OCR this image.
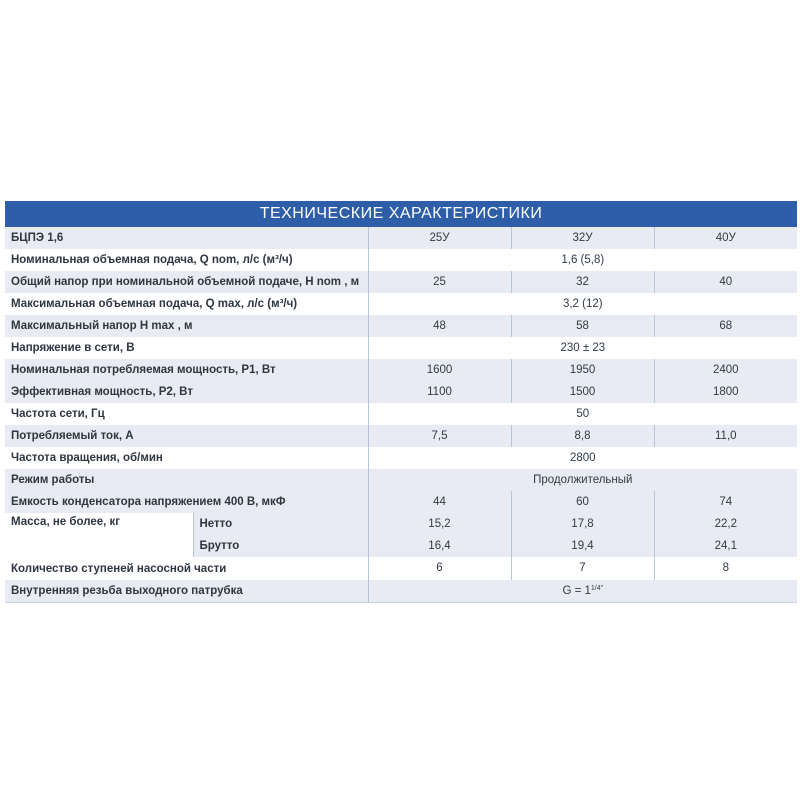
ТЕХНИЧЕСКИЕ ХАРАКТЕРИСТИКИ				
БЦПЭ 1,6		25У	32У	40У
Номинальная объемная подача, Q nom, л/с (м³/ч)		1,6 (5,8)		
Общий напор при номинальной объемной подаче, Н nom , м		25	32	40
Максимальная объемная подача, Q max, л/с (м³/ч)		3,2 (12)		
Максимальный напор Н max , м		48	58	68
Напряжение в сети, В		230 ± 23		
Номинальная потребляемая мощность, Р1, Вт		1600	1950	2400
Эффективная мощность, Р2, Вт		1100	1500	1800
Частота сети, Гц		50		
Потребляемый ток, А		7,5	8,8	11,0
Частота вращения, об/мин		2800		
Режим работы		Продолжительный		
Емкость конденсатора напряжением 400 В, мкФ		44	60	74
Масса, не более, кг	Нетто	15,2	17,8	22,2
	Брутто	16,4	19,4	24,1
Количество ступеней насосной части		6	7	8
Внутренняя резьба выходного патрубка		$G = 1^{1/4"}$
